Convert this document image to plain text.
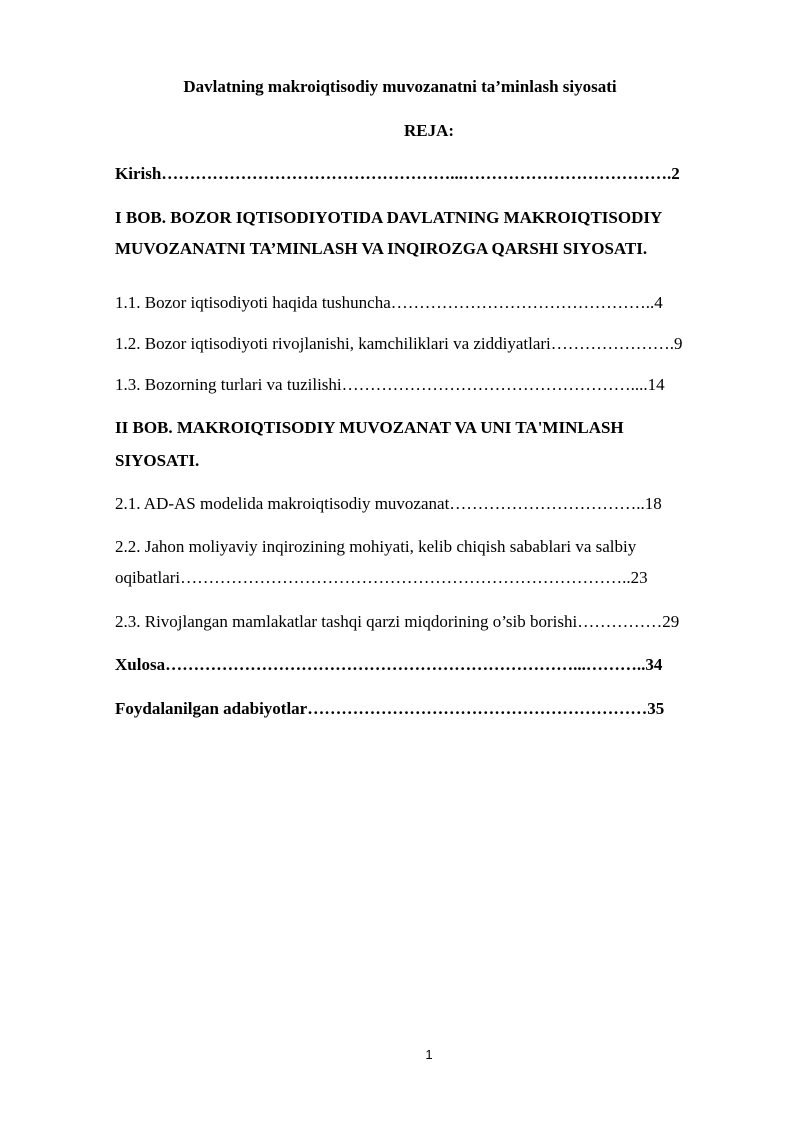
Davlatning makroiqtisodiy muvozanatni ta’minlash siyosati
REJA:
Kirish……………………………………………...……………………………….2
I BOB. BOZOR IQTISODIYOTIDA DAVLATNING MAKROIQTISODIY
MUVOZANATNI TA’MINLASH VA INQIROZGA QARSHI SIYOSATI.
1.1. Bozor iqtisodiyoti haqida tushuncha………………………………………..4
1.2. Bozor iqtisodiyoti rivojlanishi, kamchiliklari va ziddiyatlari………………….9
1.3. Bozorning turlari va tuzilishi……………………………………………....14
II BOB. MAKROIQTISODIY MUVOZANAT VA UNI TA'MINLASH
SIYOSATI.
2.1. AD-AS modelida makroiqtisodiy muvozanat……………………………..18
2.2. Jahon moliyaviy inqirozining mohiyati, kelib chiqish sabablari va salbiy
oqibatlari……………………………………………………………………..23
2.3. Rivojlangan mamlakatlar tashqi qarzi miqdorining o’sib borishi……………29
Xulosa………………………………………………………………...………..34
Foydalanilgan adabiyotlar……………………………………………………35
1
